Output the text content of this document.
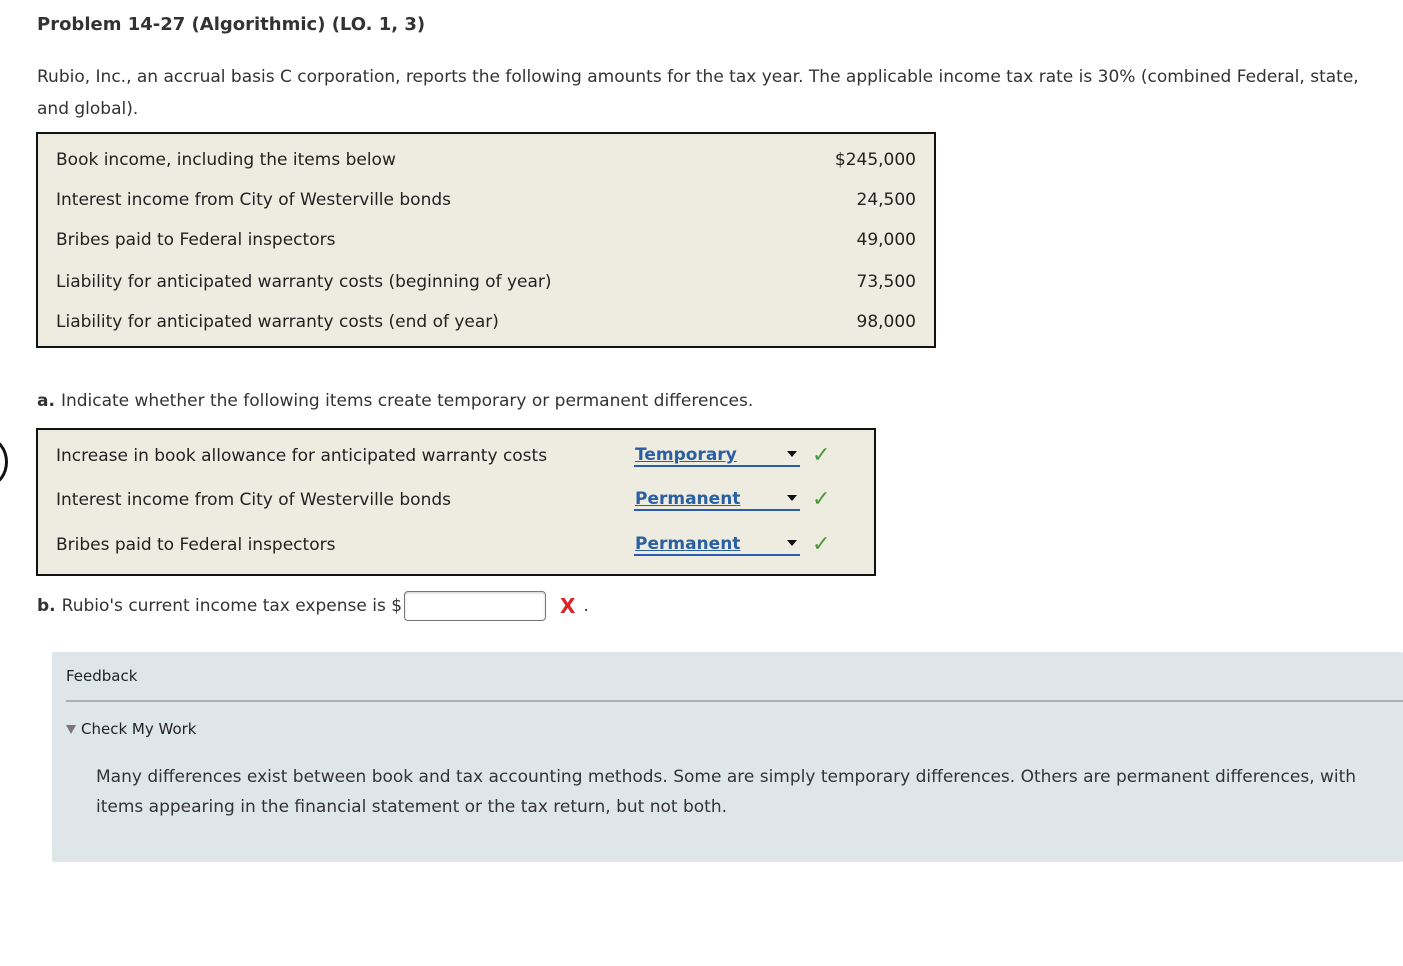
Problem 14-27 (Algorithmic) (LO. 1, 3)
Rubio, Inc., an accrual basis C corporation, reports the following amounts for the tax year. The applicable income tax rate is 30% (combined Federal, state, and global).
Book income, including the items below	$245,000
Interest income from City of Westerville bonds	24,500
Bribes paid to Federal inspectors	49,000
Liability for anticipated warranty costs (beginning of year)	73,500
Liability for anticipated warranty costs (end of year)	98,000
a. Indicate whether the following items create temporary or permanent differences.
Increase in book allowance for anticipated warranty costs	Temporary	✓
Interest income from City of Westerville bonds	Permanent	✓
Bribes paid to Federal inspectors	Permanent	✓
b. Rubio's current income tax expense is $	X .
Feedback
Check My Work
Many differences exist between book and tax accounting methods. Some are simply temporary differences. Others are permanent differences, with items appearing in the financial statement or the tax return, but not both.
